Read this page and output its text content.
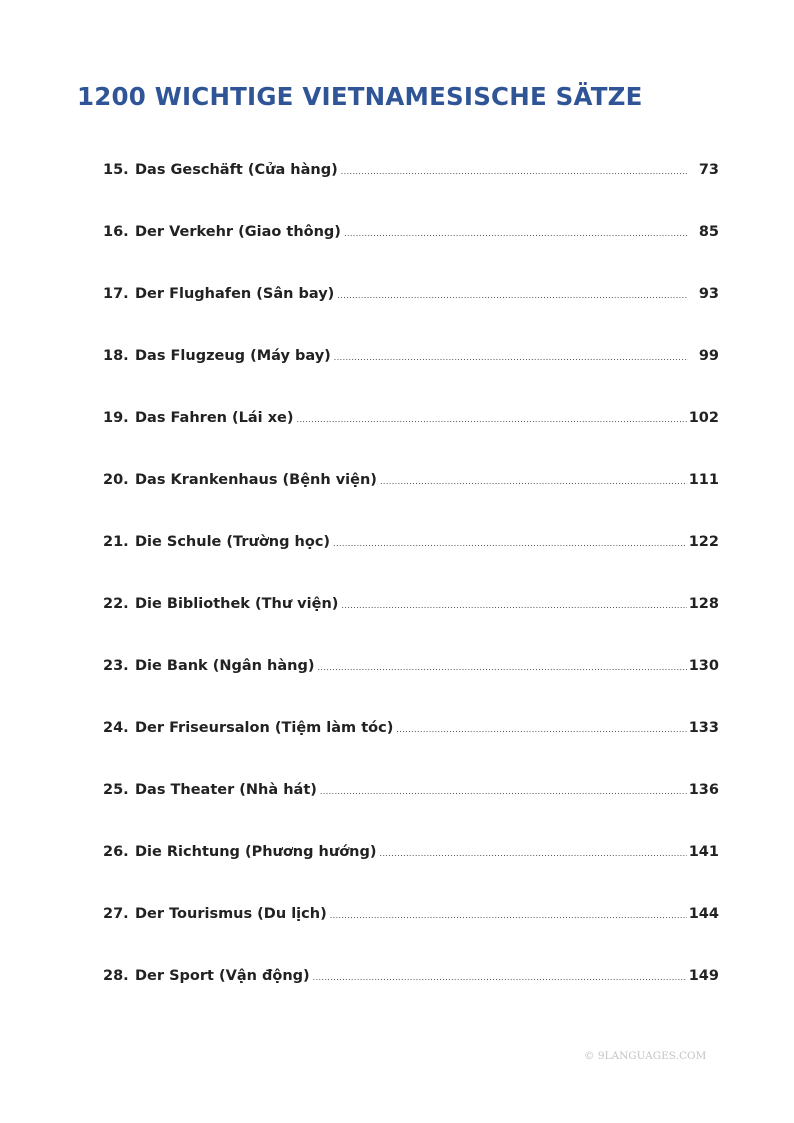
1200 WICHTIGE VIETNAMESISCHE SÄTZE
15. Das Geschäft (Cửa hàng) .....	73
16. Der Verkehr (Giao thông) .....	85
17. Der Flughafen (Sân bay) .....	93
18. Das Flugzeug (Máy bay) .....	99
19. Das Fahren (Lái xe) .....	102
20. Das Krankenhaus (Bệnh viện) .....	111
21. Die Schule (Trường học) .....	122
22. Die Bibliothek (Thư viện) .....	128
23. Die Bank (Ngân hàng) .....	130
24. Der Friseursalon (Tiệm làm tóc) .....	133
25. Das Theater (Nhà hát) .....	136
26. Die Richtung (Phương hướng) .....	141
27. Der Tourismus (Du lịch) .....	144
28. Der Sport (Vận động) .....	149
© 9LANGUAGES.COM
